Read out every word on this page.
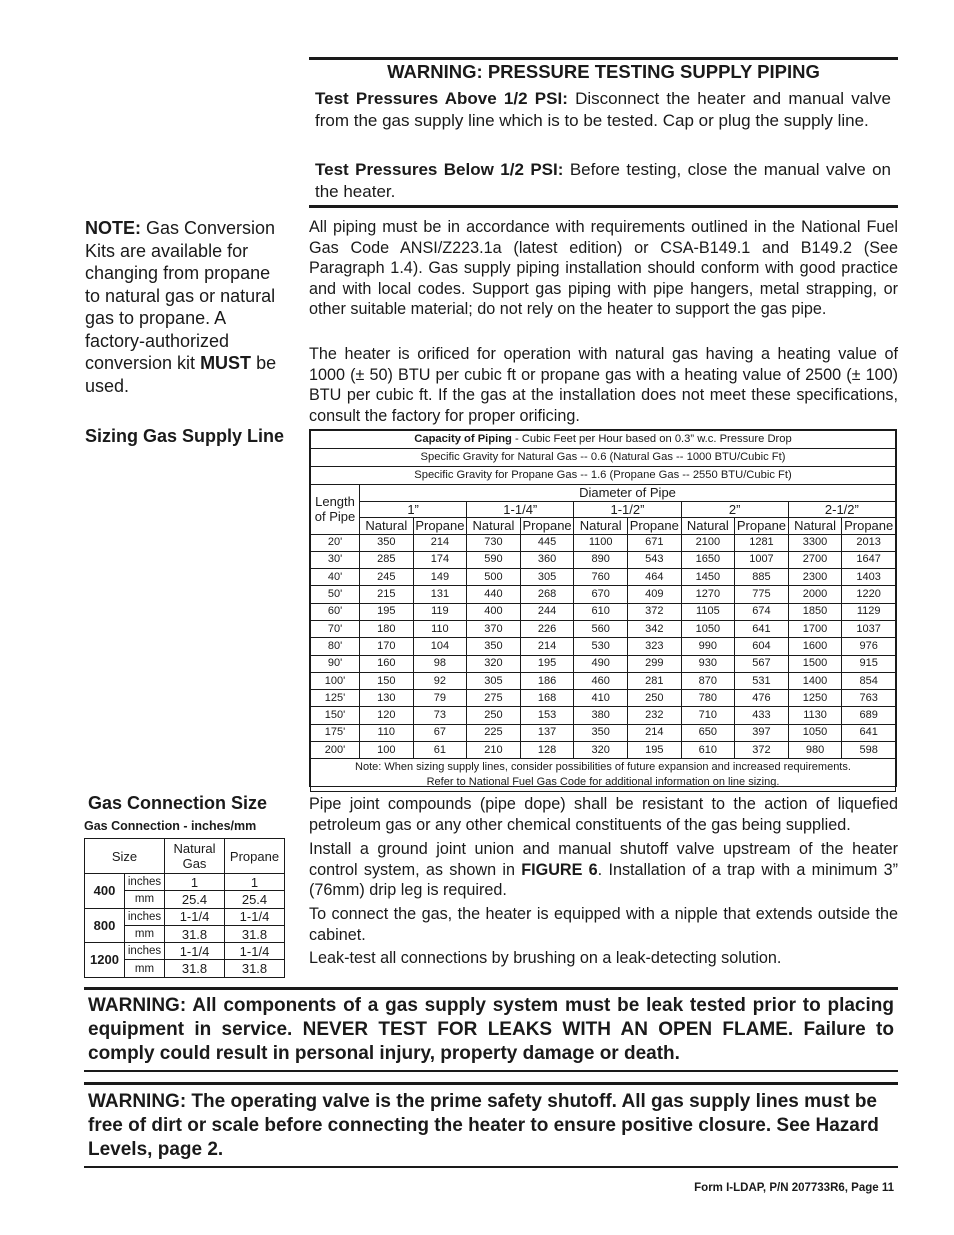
WARNING: PRESSURE TESTING SUPPLY PIPING
Test Pressures Above 1/2 PSI: Disconnect the heater and manual valve from the gas supply line which is to be tested. Cap or plug the supply line.
Test Pressures Below 1/2 PSI: Before testing, close the manual valve on the heater.
NOTE: Gas Conversion Kits are available for changing from propane to natural gas or natural gas to propane. A factory-authorized conversion kit MUST be used.
Sizing Gas Supply Line
Gas Connection Size
Gas Connection - inches/mm
All piping must be in accordance with requirements outlined in the National Fuel Gas Code ANSI/Z223.1a (latest edition) or CSA-B149.1 and B149.2 (See Paragraph 1.4). Gas supply piping installation should conform with good practice and with local codes. Support gas piping with pipe hangers, metal strapping, or other suitable material; do not rely on the heater to support the gas pipe.
The heater is orificed for operation with natural gas having a heating value of 1000 (± 50) BTU per cubic ft or propane gas with a heating value of 2500 (± 100) BTU per cubic ft. If the gas at the installation does not meet these specifications, consult the factory for proper orificing.
Pipe joint compounds (pipe dope) shall be resistant to the action of liquefied petroleum gas or any other chemical constituents of the gas being supplied.
Install a ground joint union and manual shutoff valve upstream of the heater control system, as shown in FIGURE 6. Installation of a trap with a minimum 3” (76mm) drip leg is required.
To connect the gas, the heater is equipped with a nipple that extends outside the cabinet.
Leak-test all connections by brushing on a leak-detecting solution.
Capacity of Piping - Cubic Feet per Hour based on 0.3” w.c. Pressure Drop										
Specific Gravity for Natural Gas -- 0.6 (Natural Gas -- 1000 BTU/Cubic Ft)										
Specific Gravity for Propane Gas -- 1.6 (Propane Gas -- 2550 BTU/Cubic Ft)										
Length of Pipe	Diameter of Pipe									
	1”		1-1/4”		1-1/2”		2”		2-1/2”	
	Natural	Propane	Natural	Propane	Natural	Propane	Natural	Propane	Natural	Propane
20'	350	214	730	445	1100	671	2100	1281	3300	2013
30'	285	174	590	360	890	543	1650	1007	2700	1647
40'	245	149	500	305	760	464	1450	885	2300	1403
50'	215	131	440	268	670	409	1270	775	2000	1220
60'	195	119	400	244	610	372	1105	674	1850	1129
70'	180	110	370	226	560	342	1050	641	1700	1037
80'	170	104	350	214	530	323	990	604	1600	976
90'	160	98	320	195	490	299	930	567	1500	915
100'	150	92	305	186	460	281	870	531	1400	854
125'	130	79	275	168	410	250	780	476	1250	763
150'	120	73	250	153	380	232	710	433	1130	689
175'	110	67	225	137	350	214	650	397	1050	641
200'	100	61	210	128	320	195	610	372	980	598
Note: When sizing supply lines, consider possibilities of future expansion and increased requirements.
Refer to National Fuel Gas Code for additional information on line sizing.										
Size		Natural Gas	Propane
400	inches	1	1
	mm	25.4	25.4
800	inches	1-1/4	1-1/4
	mm	31.8	31.8
1200	inches	1-1/4	1-1/4
	mm	31.8	31.8
WARNING: All components of a gas supply system must be leak tested prior to placing equipment in service. NEVER TEST FOR LEAKS WITH AN OPEN FLAME. Failure to comply could result in personal injury, property damage or death.
WARNING: The operating valve is the prime safety shutoff. All gas supply lines must be free of dirt or scale before connecting the heater to ensure positive closure. See Hazard Levels, page 2.
Form I-LDAP, P/N 207733R6, Page 11
